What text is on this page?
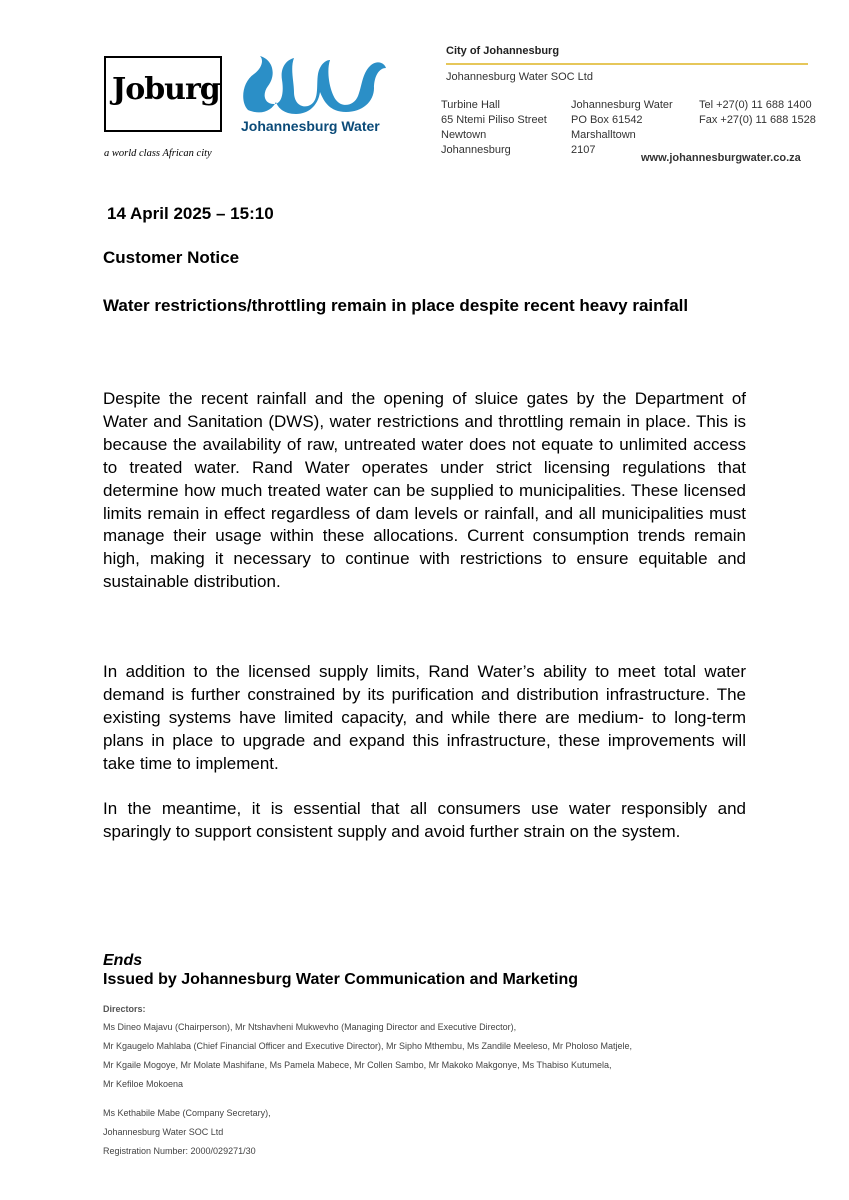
Joburg
a world class African city
Johannesburg Water
City of Johannesburg
Johannesburg Water SOC Ltd
Turbine Hall
65 Ntemi Piliso Street
Newtown
Johannesburg
Johannesburg Water
PO Box 61542
Marshalltown
2107
Tel +27(0) 11 688 1400
Fax +27(0) 11 688 1528
www.johannesburgwater.co.za
14 April 2025 – 15:10
Customer Notice
Water restrictions/throttling remain in place despite recent heavy rainfall
Despite the recent rainfall and the opening of sluice gates by the Department of Water and Sanitation (DWS), water restrictions and throttling remain in place. This is because the availability of raw, untreated water does not equate to unlimited access to treated water. Rand Water operates under strict licensing regulations that determine how much treated water can be supplied to municipalities. These licensed limits remain in effect regardless of dam levels or rainfall, and all municipalities must manage their usage within these allocations. Current consumption trends remain high, making it necessary to continue with restrictions to ensure equitable and sustainable distribution.
In addition to the licensed supply limits, Rand Water’s ability to meet total water demand is further constrained by its purification and distribution infrastructure. The existing systems have limited capacity, and while there are medium- to long-term plans in place to upgrade and expand this infrastructure, these improvements will take time to implement.
In the meantime, it is essential that all consumers use water responsibly and sparingly to support consistent supply and avoid further strain on the system.
Ends
Issued by Johannesburg Water Communication and Marketing
Directors:
Ms Dineo Majavu (Chairperson), Mr Ntshavheni Mukwevho (Managing Director and Executive Director),
Mr Kgaugelo Mahlaba (Chief Financial Officer and Executive Director), Mr Sipho Mthembu, Ms Zandile Meeleso, Mr Pholoso Matjele,
Mr Kgaile Mogoye, Mr Molate Mashifane, Ms Pamela Mabece, Mr Collen Sambo, Mr Makoko Makgonye, Ms Thabiso Kutumela,
Mr Kefiloe Mokoena
Ms Kethabile Mabe (Company Secretary),
Johannesburg Water SOC Ltd
Registration Number: 2000/029271/30
